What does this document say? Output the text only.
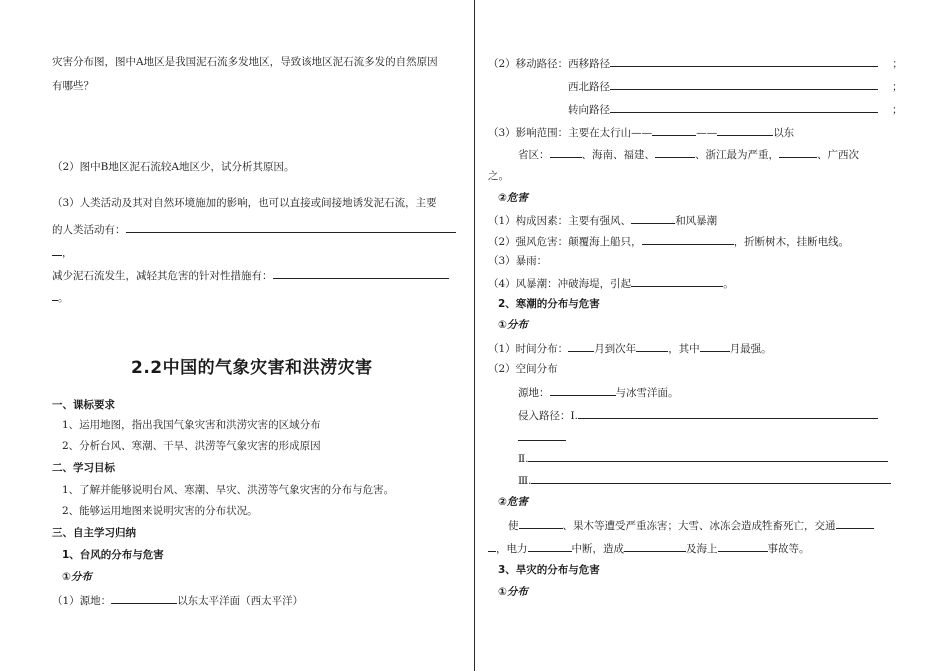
灾害分布图，图中A地区是我国泥石流多发地区，导致该地区泥石流多发的自然原因
有哪些？
（2）图中B地区泥石流较A地区少，试分析其原因。
（3）人类活动及其对自然环境施加的影响，也可以直接或间接地诱发泥石流，主要
的人类活动有：
，
减少泥石流发生，减轻其危害的针对性措施有：
。
2.2中国的气象灾害和洪涝灾害
一、课标要求
1、运用地图，指出我国气象灾害和洪涝灾害的区域分布
2、分析台风、寒潮、干旱、洪涝等气象灾害的形成原因
二、学习目标
1、了解并能够说明台风、寒潮、旱灾、洪涝等气象灾害的分布与危害。
2、能够运用地图来说明灾害的分布状况。
三、自主学习归纳
1、台风的分布与危害
①分布
（1）源地：	以东太平洋面（西太平洋）
（2）移动路径：西移路径	；
西北路径	；
转向路径	；
（3）影响范围：主要在太行山——	——	以东
省区：	、海南、福建、	、浙江最为严重，	、广西次
之。
②危害
（1）构成因素：主要有强风、	和风暴潮
（2）强风危害：颠覆海上船只，	，折断树木，挂断电线。
（3）暴雨：
（4）风暴潮：冲破海堤，引起	。
2、寒潮的分布与危害
①分布
（1）时间分布： 月到次年	，其中	月最强。
（2）空间分布
源地：	与冰雪洋面。
侵入路径：Ⅰ.
Ⅱ.
Ⅲ.
②危害
使	、果木等遭受严重冻害；大雪、冰冻会造成牲畜死亡，交通
，电力	中断，造成	及海上	事故等。
3、旱灾的分布与危害
①分布
